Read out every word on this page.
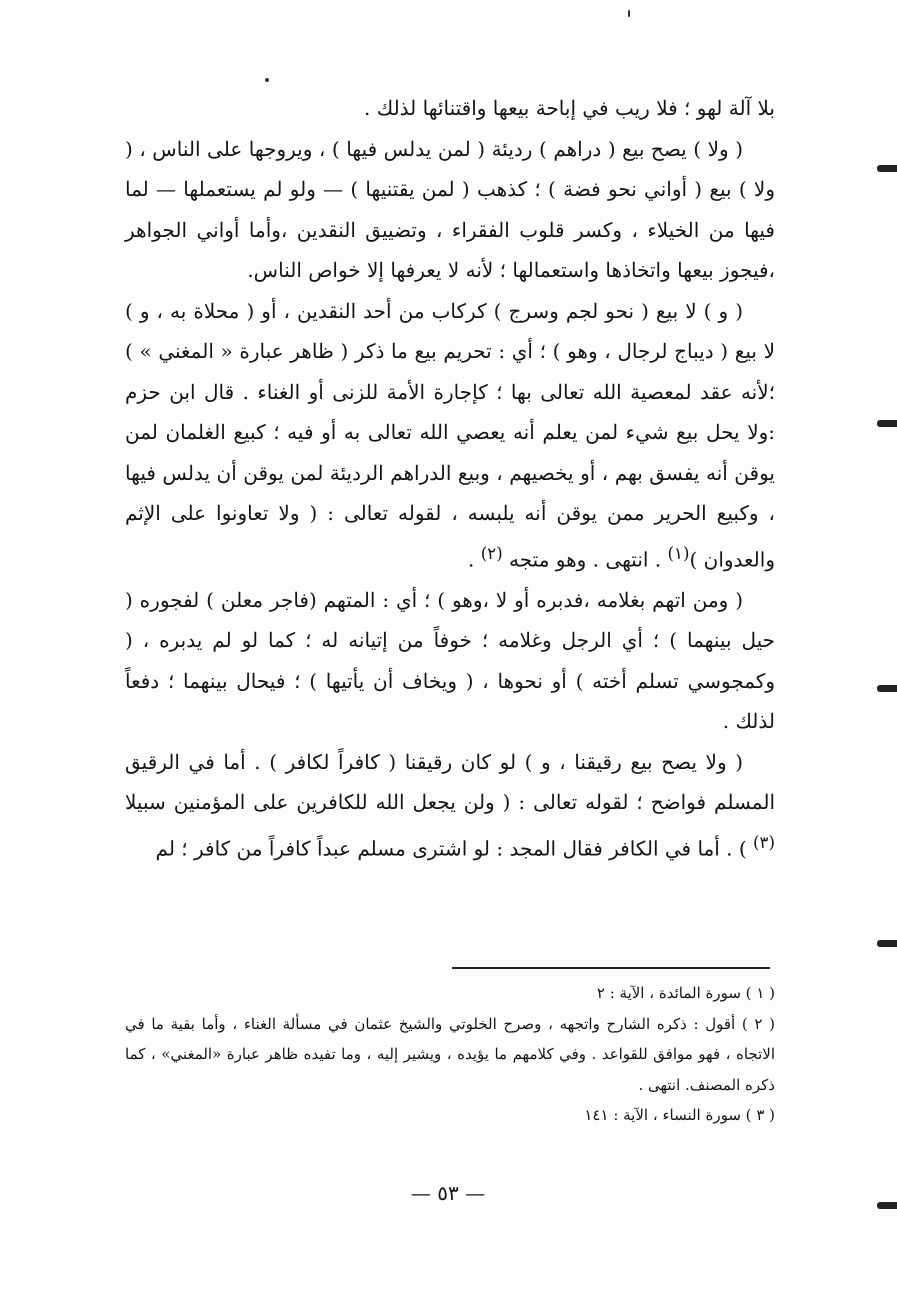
بلا آلة لهو ؛ فلا ريب في إباحة بيعها واقتنائها لذلك .

( ولا ) يصح بيع ( دراهم ) رديئة ( لمن يدلس فيها ) ، ويروجها على الناس ، ( ولا ) بيع ( أواني نحو فضة ) ؛ كذهب ( لمن يقتنيها ) — ولو لم يستعملها — لما فيها من الخيلاء ، وكسر قلوب الفقراء ، وتضييق النقدين ،وأما أواني الجواهر ،فيجوز بيعها واتخاذها واستعمالها ؛ لأنه لا يعرفها إلا خواص الناس.

( و ) لا بيع ( نحو لجم وسرج ) كركاب من أحد النقدين ، أو ( محلاة به ، و ) لا بيع ( ديباج لرجال ، وهو ) ؛ أي : تحريم بيع ما ذكر ( ظاهر عبارة « المغني » ) ؛لأنه عقد لمعصية الله تعالى بها ؛ كإجارة الأمة للزنى أو الغناء . قال ابن حزم :ولا يحل بيع شيء لمن يعلم أنه يعصي الله تعالى به أو فيه ؛ كبيع الغلمان لمن يوقن أنه يفسق بهم ، أو يخصيهم ، وبيع الدراهم الرديئة لمن يوقن أن يدلس فيها ، وكبيع الحرير ممن يوقن أنه يلبسه ، لقوله تعالى : ( ولا تعاونوا على الإثم والعدوان )$^{(١)}$ . انتهى . وهو متجه $^{(٢)}$ .

( ومن اتهم بغلامه ،فدبره أو لا ،وهو ) ؛ أي : المتهم (فاجر معلن ) لفجوره ( حيل بينهما ) ؛ أي الرجل وغلامه ؛ خوفاً من إتيانه له ؛ كما لو لم يدبره ، ( وكمجوسي تسلم أخته ) أو نحوها ، ( ويخاف أن يأتيها ) ؛ فيحال بينهما ؛ دفعاً لذلك .

( ولا يصح بيع رقيقنا ، و ) لو كان رقيقنا ( كافراً لكافر ) . أما في الرقيق المسلم فواضح ؛ لقوله تعالى : ( ولن يجعل الله للكافرين على المؤمنين سبيلا $^{(٣)}$ ) . أما في الكافر فقال المجد : لو اشترى مسلم عبداً كافراً من كافر ؛ لم

( ١ ) سورة المائدة ، الآية : ٢

( ٢ ) أقول : ذكره الشارح واتجهه ، وصرح الخلوتي والشيخ عثمان في مسألة الغناء ، وأما بقية ما في الاتجاه ، فهو موافق للقواعد . وفي كلامهم ما يؤيده ، ويشير إليه ، وما تفيده ظاهر عبارة «المغني» ، كما ذكره المصنف. انتهى .

( ٣ ) سورة النساء ، الآية : ١٤١

— ٥٣ —
